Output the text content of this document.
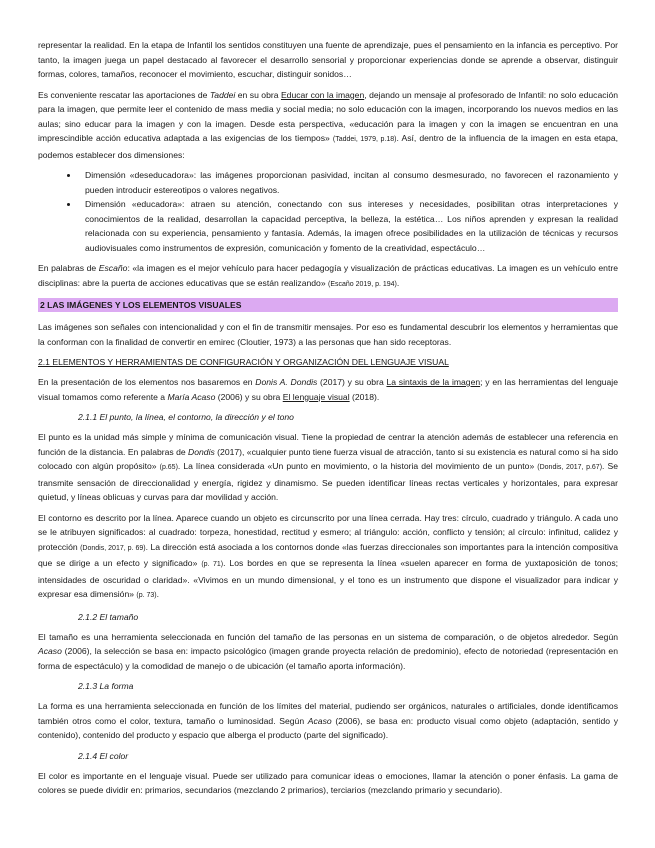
representar la realidad. En la etapa de Infantil los sentidos constituyen una fuente de aprendizaje, pues el pensamiento en la infancia es perceptivo. Por tanto, la imagen juega un papel destacado al favorecer el desarrollo sensorial y proporcionar experiencias donde se aprende a observar, distinguir formas, colores, tamaños, reconocer el movimiento, escuchar, distinguir sonidos…

Es conveniente rescatar las aportaciones de Taddei en su obra Educar con la imagen, dejando un mensaje al profesorado de Infantil: no solo educación para la imagen, que permite leer el contenido de mass media y social media; no solo educación con la imagen, incorporando los nuevos medios en las aulas; sino educar para la imagen y con la imagen. Desde esta perspectiva, «educación para la imagen y con la imagen se encuentran en una imprescindible acción educativa adaptada a las exigencias de los tiempos» (Taddei, 1979, p.18). Así, dentro de la influencia de la imagen en esta etapa, podemos establecer dos dimensiones:

• Dimensión «deseducadora»: las imágenes proporcionan pasividad, incitan al consumo desmesurado, no favorecen el razonamiento y pueden introducir estereotipos o valores negativos.
• Dimensión «educadora»: atraen su atención, conectando con sus intereses y necesidades, posibilitan otras interpretaciones y conocimientos de la realidad, desarrollan la capacidad perceptiva, la belleza, la estética… Los niños aprenden y expresan la realidad relacionada con su experiencia, pensamiento y fantasía. Además, la imagen ofrece posibilidades en la utilización de técnicas y recursos audiovisuales como instrumentos de expresión, comunicación y fomento de la creatividad, espectáculo…

En palabras de Escaño: «la imagen es el mejor vehículo para hacer pedagogía y visualización de prácticas educativas. La imagen es un vehículo entre disciplinas: abre la puerta de acciones educativas que se están realizando» (Escaño 2019, p. 194).

2 LAS IMÁGENES Y LOS ELEMENTOS VISUALES

Las imágenes son señales con intencionalidad y con el fin de transmitir mensajes. Por eso es fundamental descubrir los elementos y herramientas que la conforman con la finalidad de convertir en emirec (Cloutier, 1973) a las personas que han sido receptoras.

2.1 ELEMENTOS Y HERRAMIENTAS DE CONFIGURACIÓN Y ORGANIZACIÓN DEL LENGUAJE VISUAL

En la presentación de los elementos nos basaremos en Donis A. Dondis (2017) y su obra La sintaxis de la imagen; y en las herramientas del lenguaje visual tomamos como referente a María Acaso (2006) y su obra El lenguaje visual (2018).

2.1.1 El punto, la línea, el contorno, la dirección y el tono

El punto es la unidad más simple y mínima de comunicación visual. Tiene la propiedad de centrar la atención además de establecer una referencia en función de la distancia. En palabras de Dondis (2017), «cualquier punto tiene fuerza visual de atracción, tanto si su existencia es natural como si ha sido colocado con algún propósito» (p.65). La línea considerada «Un punto en movimiento, o la historia del movimiento de un punto» (Dondis, 2017, p.67). Se transmite sensación de direccionalidad y energía, rigidez y dinamismo. Se pueden identificar líneas rectas verticales y horizontales, para expresar quietud, y líneas oblicuas y curvas para dar movilidad y acción.

El contorno es descrito por la línea. Aparece cuando un objeto es circunscrito por una línea cerrada. Hay tres: círculo, cuadrado y triángulo. A cada uno se le atribuyen significados: al cuadrado: torpeza, honestidad, rectitud y esmero; al triángulo: acción, conflicto y tensión; al círculo: infinitud, calidez y protección (Dondis, 2017, p. 69). La dirección está asociada a los contornos donde «las fuerzas direccionales son importantes para la intención compositiva que se dirige a un efecto y significado» (p. 71). Los bordes en que se representa la línea «suelen aparecer en forma de yuxtaposición de tonos; intensidades de oscuridad o claridad». «Vivimos en un mundo dimensional, y el tono es un instrumento que dispone el visualizador para indicar y expresar esa dimensión» (p. 73).

2.1.2 El tamaño

El tamaño es una herramienta seleccionada en función del tamaño de las personas en un sistema de comparación, o de objetos alrededor. Según Acaso (2006), la selección se basa en: impacto psicológico (imagen grande proyecta relación de predominio), efecto de notoriedad (representación en forma de espectáculo) y la comodidad de manejo o de ubicación (el tamaño aporta información).

2.1.3 La forma

La forma es una herramienta seleccionada en función de los límites del material, pudiendo ser orgánicos, naturales o artificiales, donde identificamos también otros como el color, textura, tamaño o luminosidad. Según Acaso (2006), se basa en: producto visual como objeto (adaptación, sentido y contenido), contenido del producto y espacio que alberga el producto (parte del significado).

2.1.4 El color

El color es importante en el lenguaje visual. Puede ser utilizado para comunicar ideas o emociones, llamar la atención o poner énfasis. La gama de colores se puede dividir en: primarios, secundarios (mezclando 2 primarios), terciarios (mezclando primario y secundario).
